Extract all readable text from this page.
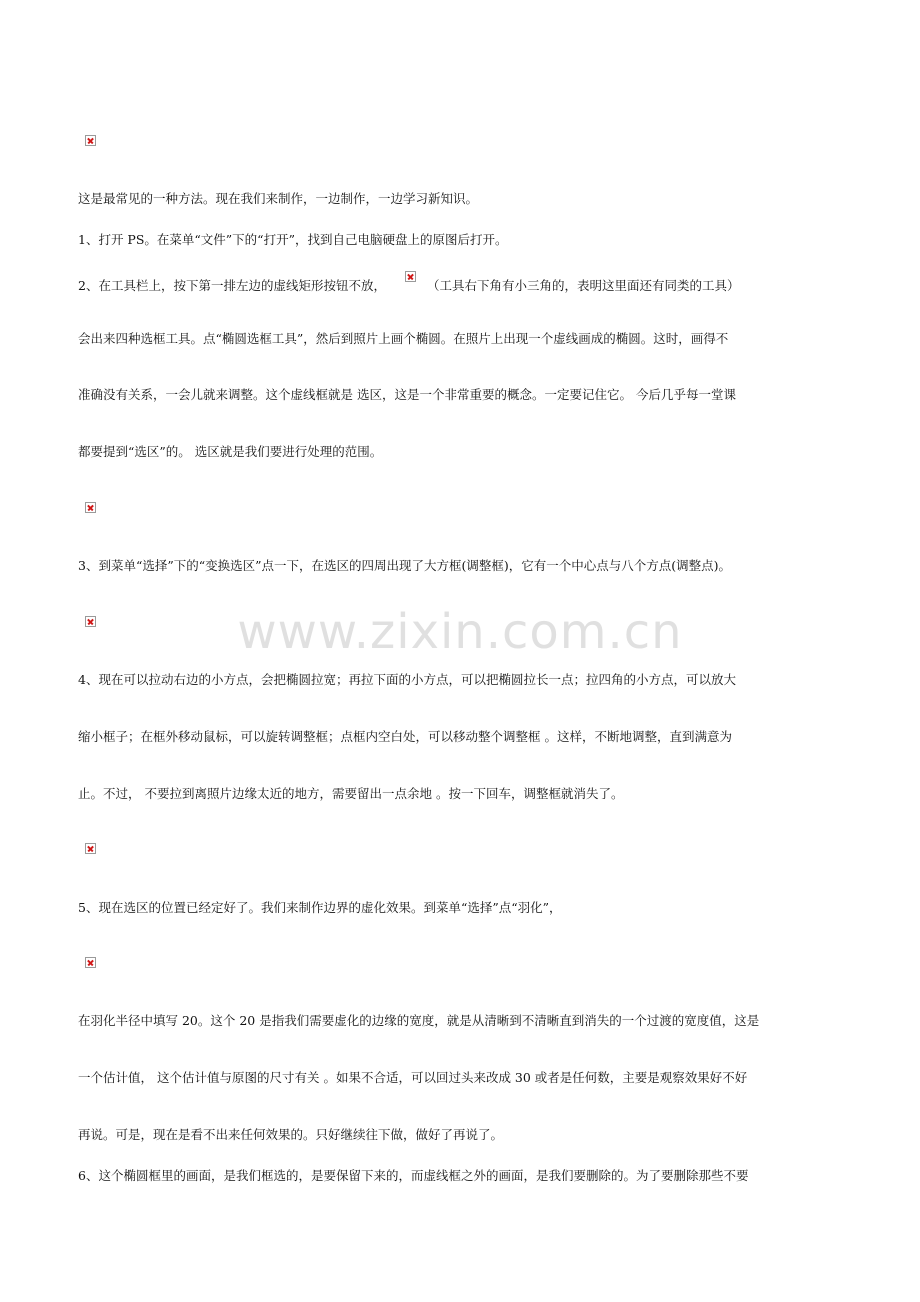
www.zixin.com.cn

这是最常见的一种方法。现在我们来制作，一边制作，一边学习新知识。

1、打开 PS。在菜单“文件”下的“打开”，找到自己电脑硬盘上的原图后打开。

2、在工具栏上，按下第一排左边的虚线矩形按钮不放，	（工具右下角有小三角的，表明这里面还有同类的工具）

会出来四种选框工具。点“椭圆选框工具”，然后到照片上画个椭圆。在照片上出现一个虚线画成的椭圆。这时，画得不

准确没有关系，一会儿就来调整。这个虚线框就是 选区，这是一个非常重要的概念。一定要记住它。 今后几乎每一堂课

都要提到“选区”的。 选区就是我们要进行处理的范围。

3、到菜单“选择”下的“变换选区”点一下，在选区的四周出现了大方框(调整框)，它有一个中心点与八个方点(调整点)。

4、现在可以拉动右边的小方点，会把椭圆拉宽；再拉下面的小方点，可以把椭圆拉长一点；拉四角的小方点，可以放大

缩小框子；在框外移动鼠标，可以旋转调整框；点框内空白处，可以移动整个调整框 。这样，不断地调整，直到满意为

止。不过， 不要拉到离照片边缘太近的地方，需要留出一点余地 。按一下回车，调整框就消失了。

5、现在选区的位置已经定好了。我们来制作边界的虚化效果。到菜单“选择”点“羽化”，

在羽化半径中填写 20。这个 20 是指我们需要虚化的边缘的宽度，就是从清晰到不清晰直到消失的一个过渡的宽度值，这是

一个估计值， 这个估计值与原图的尺寸有关 。如果不合适，可以回过头来改成 30 或者是任何数，主要是观察效果好不好

再说。可是，现在是看不出来任何效果的。只好继续往下做，做好了再说了。

6、这个椭圆框里的画面，是我们框选的，是要保留下来的，而虚线框之外的画面，是我们要删除的。为了要删除那些不要
